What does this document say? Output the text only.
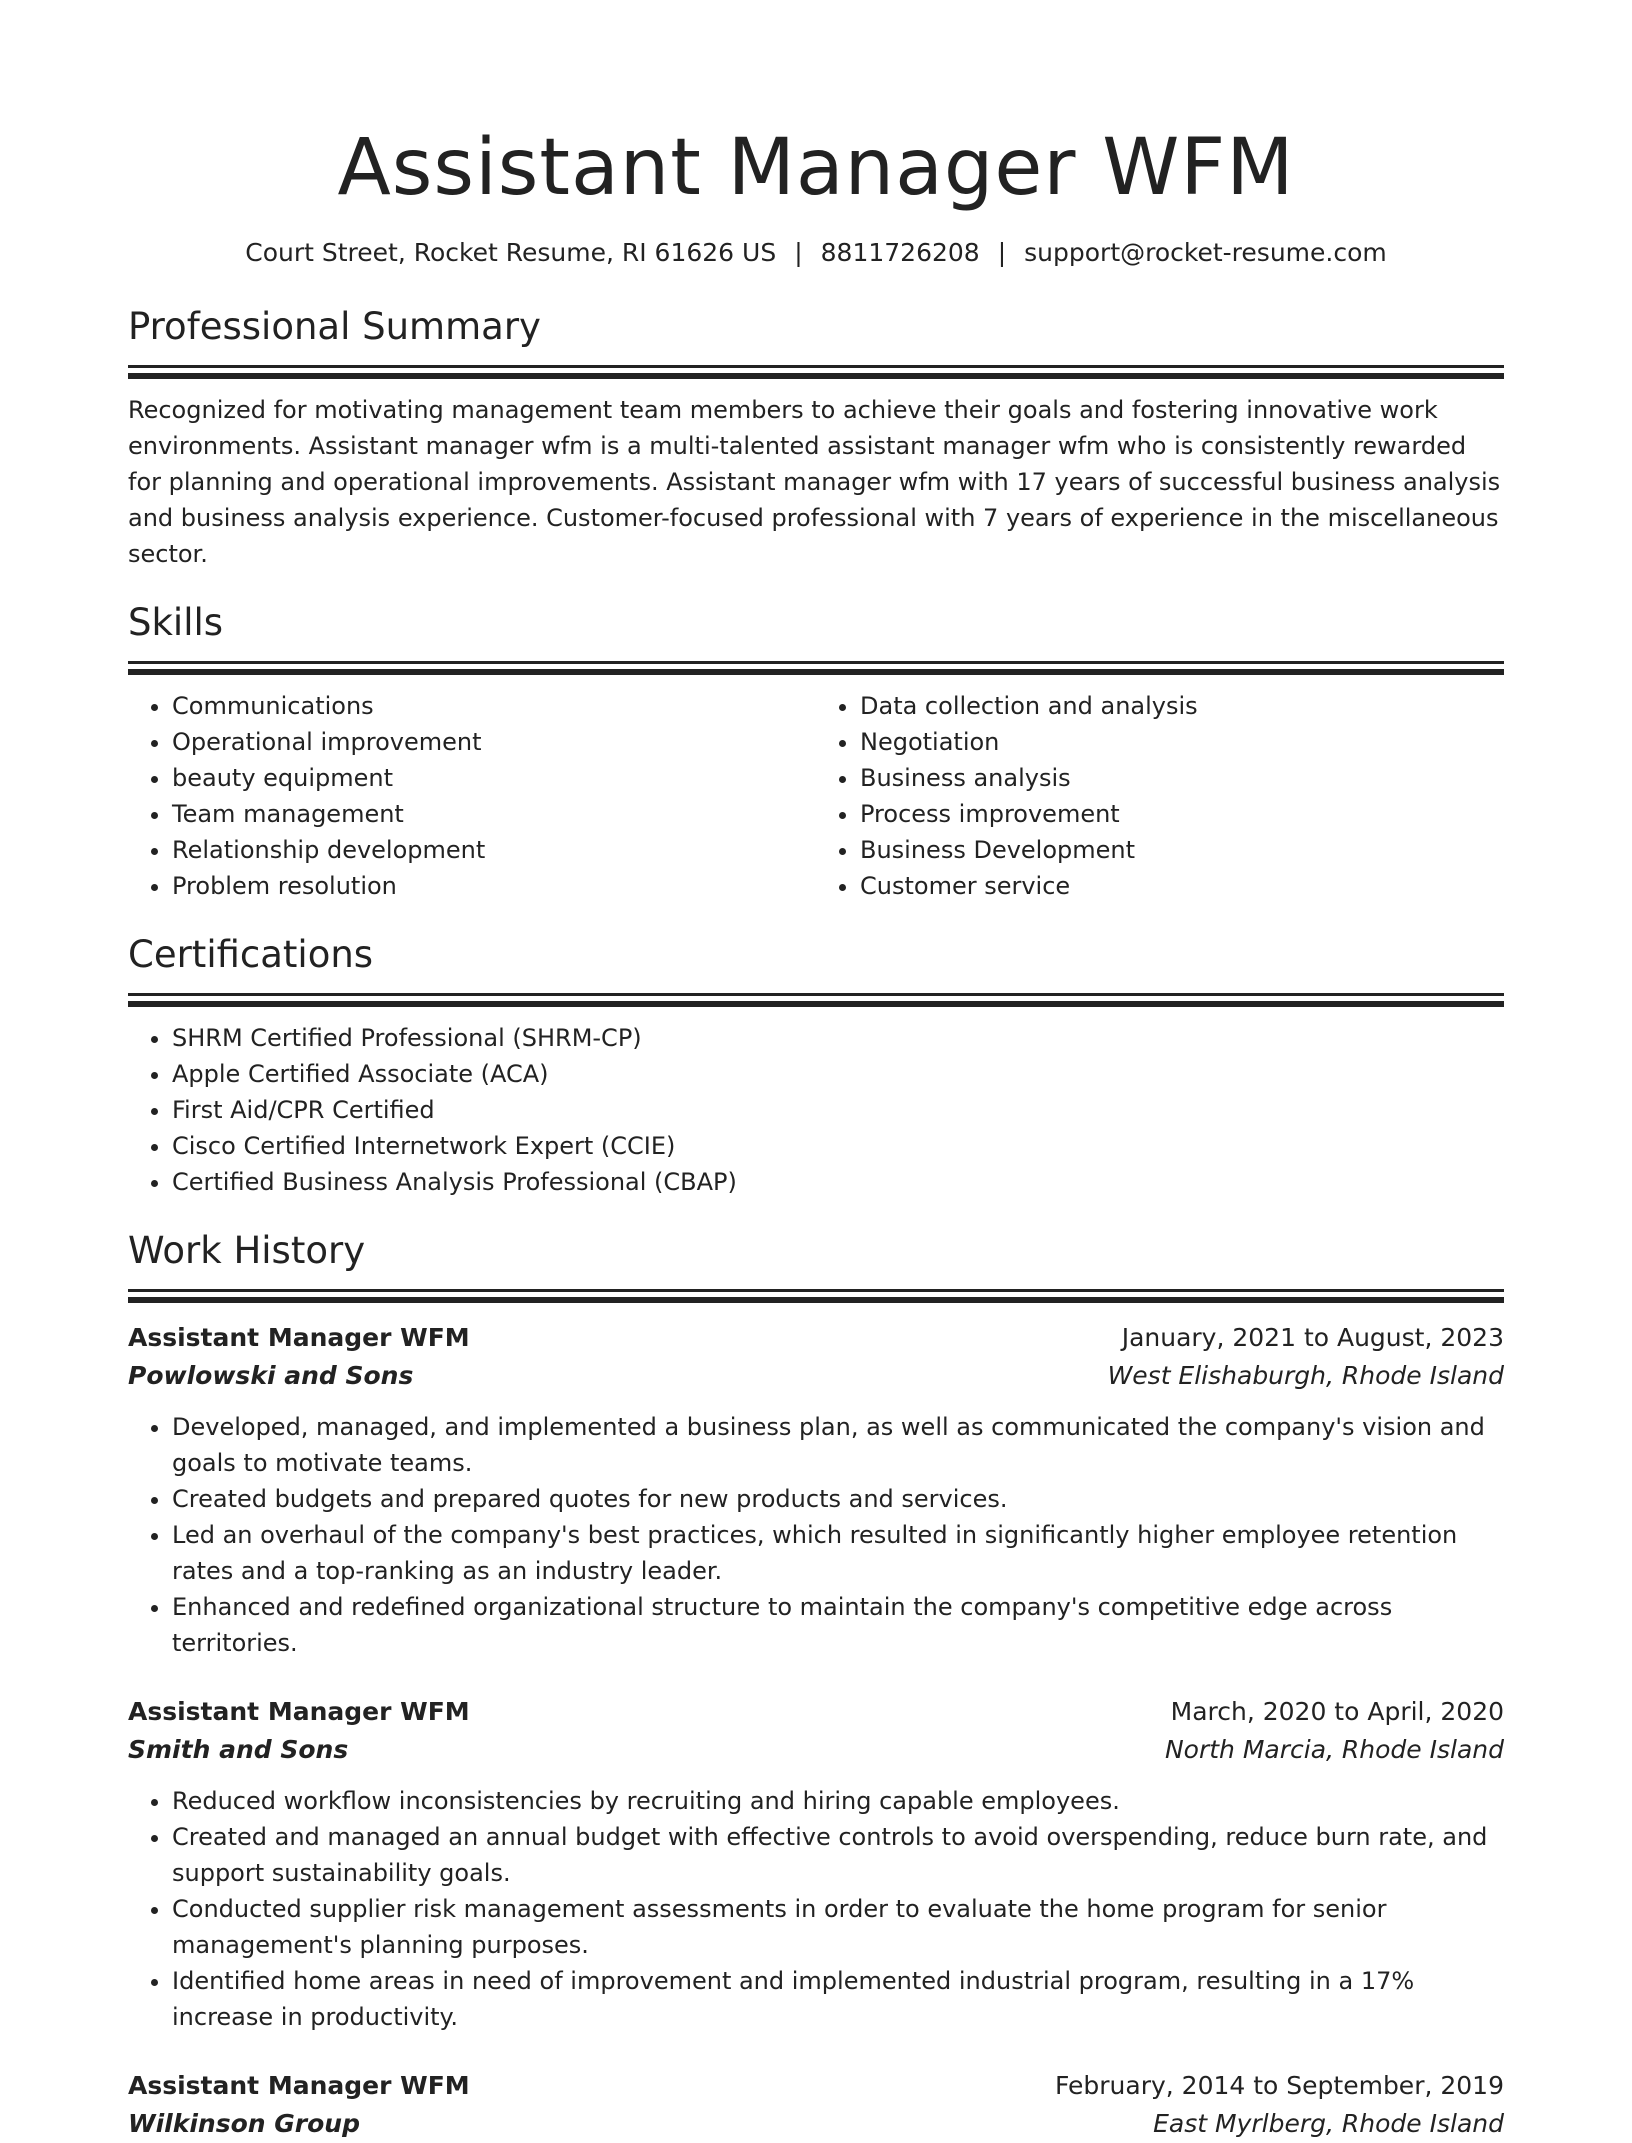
Assistant Manager WFM
Court Street, Rocket Resume, RI 61626 US | 8811726208 | support@rocket-resume.com
Professional Summary

Recognized for motivating management team members to achieve their goals and fostering innovative work environments. Assistant manager wfm is a multi-talented assistant manager wfm who is consistently rewarded for planning and operational improvements. Assistant manager wfm with 17 years of successful business analysis and business analysis experience. Customer-focused professional with 7 years of experience in the miscellaneous sector.

Skills
• Communications
• Operational improvement
• beauty equipment
• Team management
• Relationship development
• Problem resolution
• Data collection and analysis
• Negotiation
• Business analysis
• Process improvement
• Business Development
• Customer service
Certifications
• SHRM Certified Professional (SHRM-CP)
• Apple Certified Associate (ACA)
• First Aid/CPR Certified
• Cisco Certified Internetwork Expert (CCIE)
• Certified Business Analysis Professional (CBAP)
Work History
Assistant Manager WFM	January, 2021 to August, 2023
Powlowski and Sons	West Elishaburgh, Rhode Island
• Developed, managed, and implemented a business plan, as well as communicated the company's vision and goals to motivate teams.
• Created budgets and prepared quotes for new products and services.
• Led an overhaul of the company's best practices, which resulted in significantly higher employee retention rates and a top-ranking as an industry leader.
• Enhanced and redefined organizational structure to maintain the company's competitive edge across territories.
Assistant Manager WFM	March, 2020 to April, 2020
Smith and Sons	North Marcia, Rhode Island
• Reduced workflow inconsistencies by recruiting and hiring capable employees.
• Created and managed an annual budget with effective controls to avoid overspending, reduce burn rate, and support sustainability goals.
• Conducted supplier risk management assessments in order to evaluate the home program for senior management's planning purposes.
• Identified home areas in need of improvement and implemented industrial program, resulting in a 17% increase in productivity.
Assistant Manager WFM	February, 2014 to September, 2019
Wilkinson Group	East Myrlberg, Rhode Island
